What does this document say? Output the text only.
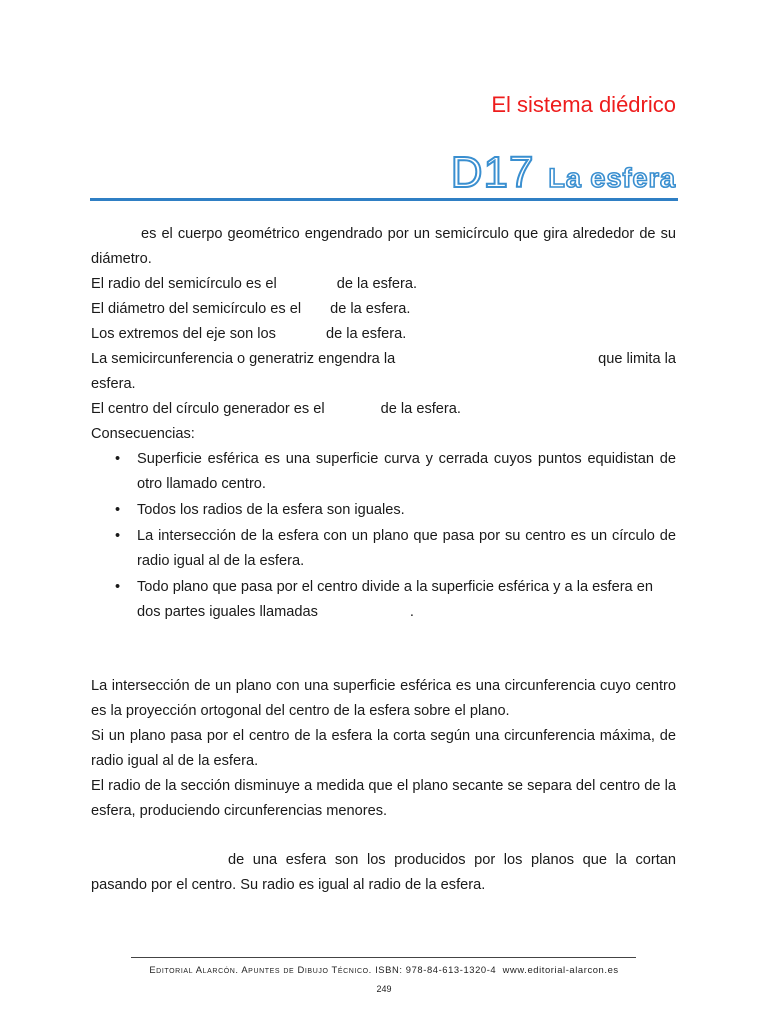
El sistema diédrico
D17 La esfera

es el cuerpo geométrico engendrado por un semicírculo que gira alrededor de su diámetro.

El radio del semicírculo es el	de la esfera.

El diámetro del semicírculo es el de la esfera.

Los extremos del eje son los	de la esfera.

La semicircunferencia o generatriz engendra la	que limita la
esfera.

El centro del círculo generador es el	de la esfera.

Consecuencias:

• Superficie esférica es una superficie curva y cerrada cuyos puntos equidistan de otro llamado centro.
• Todos los radios de la esfera son iguales.
• La intersección de la esfera con un plano que pasa por su centro es un círculo de radio igual al de la esfera.
• Todo plano que pasa por el centro divide a la superficie esférica y a la esfera en dos partes iguales llamadas	.

La intersección de un plano con una superficie esférica es una circunferencia cuyo centro es la proyección ortogonal del centro de la esfera sobre el plano.

Si un plano pasa por el centro de la esfera la corta según una circunferencia máxima, de radio igual al de la esfera.

El radio de la sección disminuye a medida que el plano secante se separa del centro de la esfera, produciendo circunferencias menores.

de una esfera son los producidos por los planos que la cortan pasando por el centro. Su radio es igual al radio de la esfera.

Editorial Alarcón. Apuntes de Dibujo Técnico. ISBN: 978-84-613-1320-4 www.editorial-alarcon.es
249
